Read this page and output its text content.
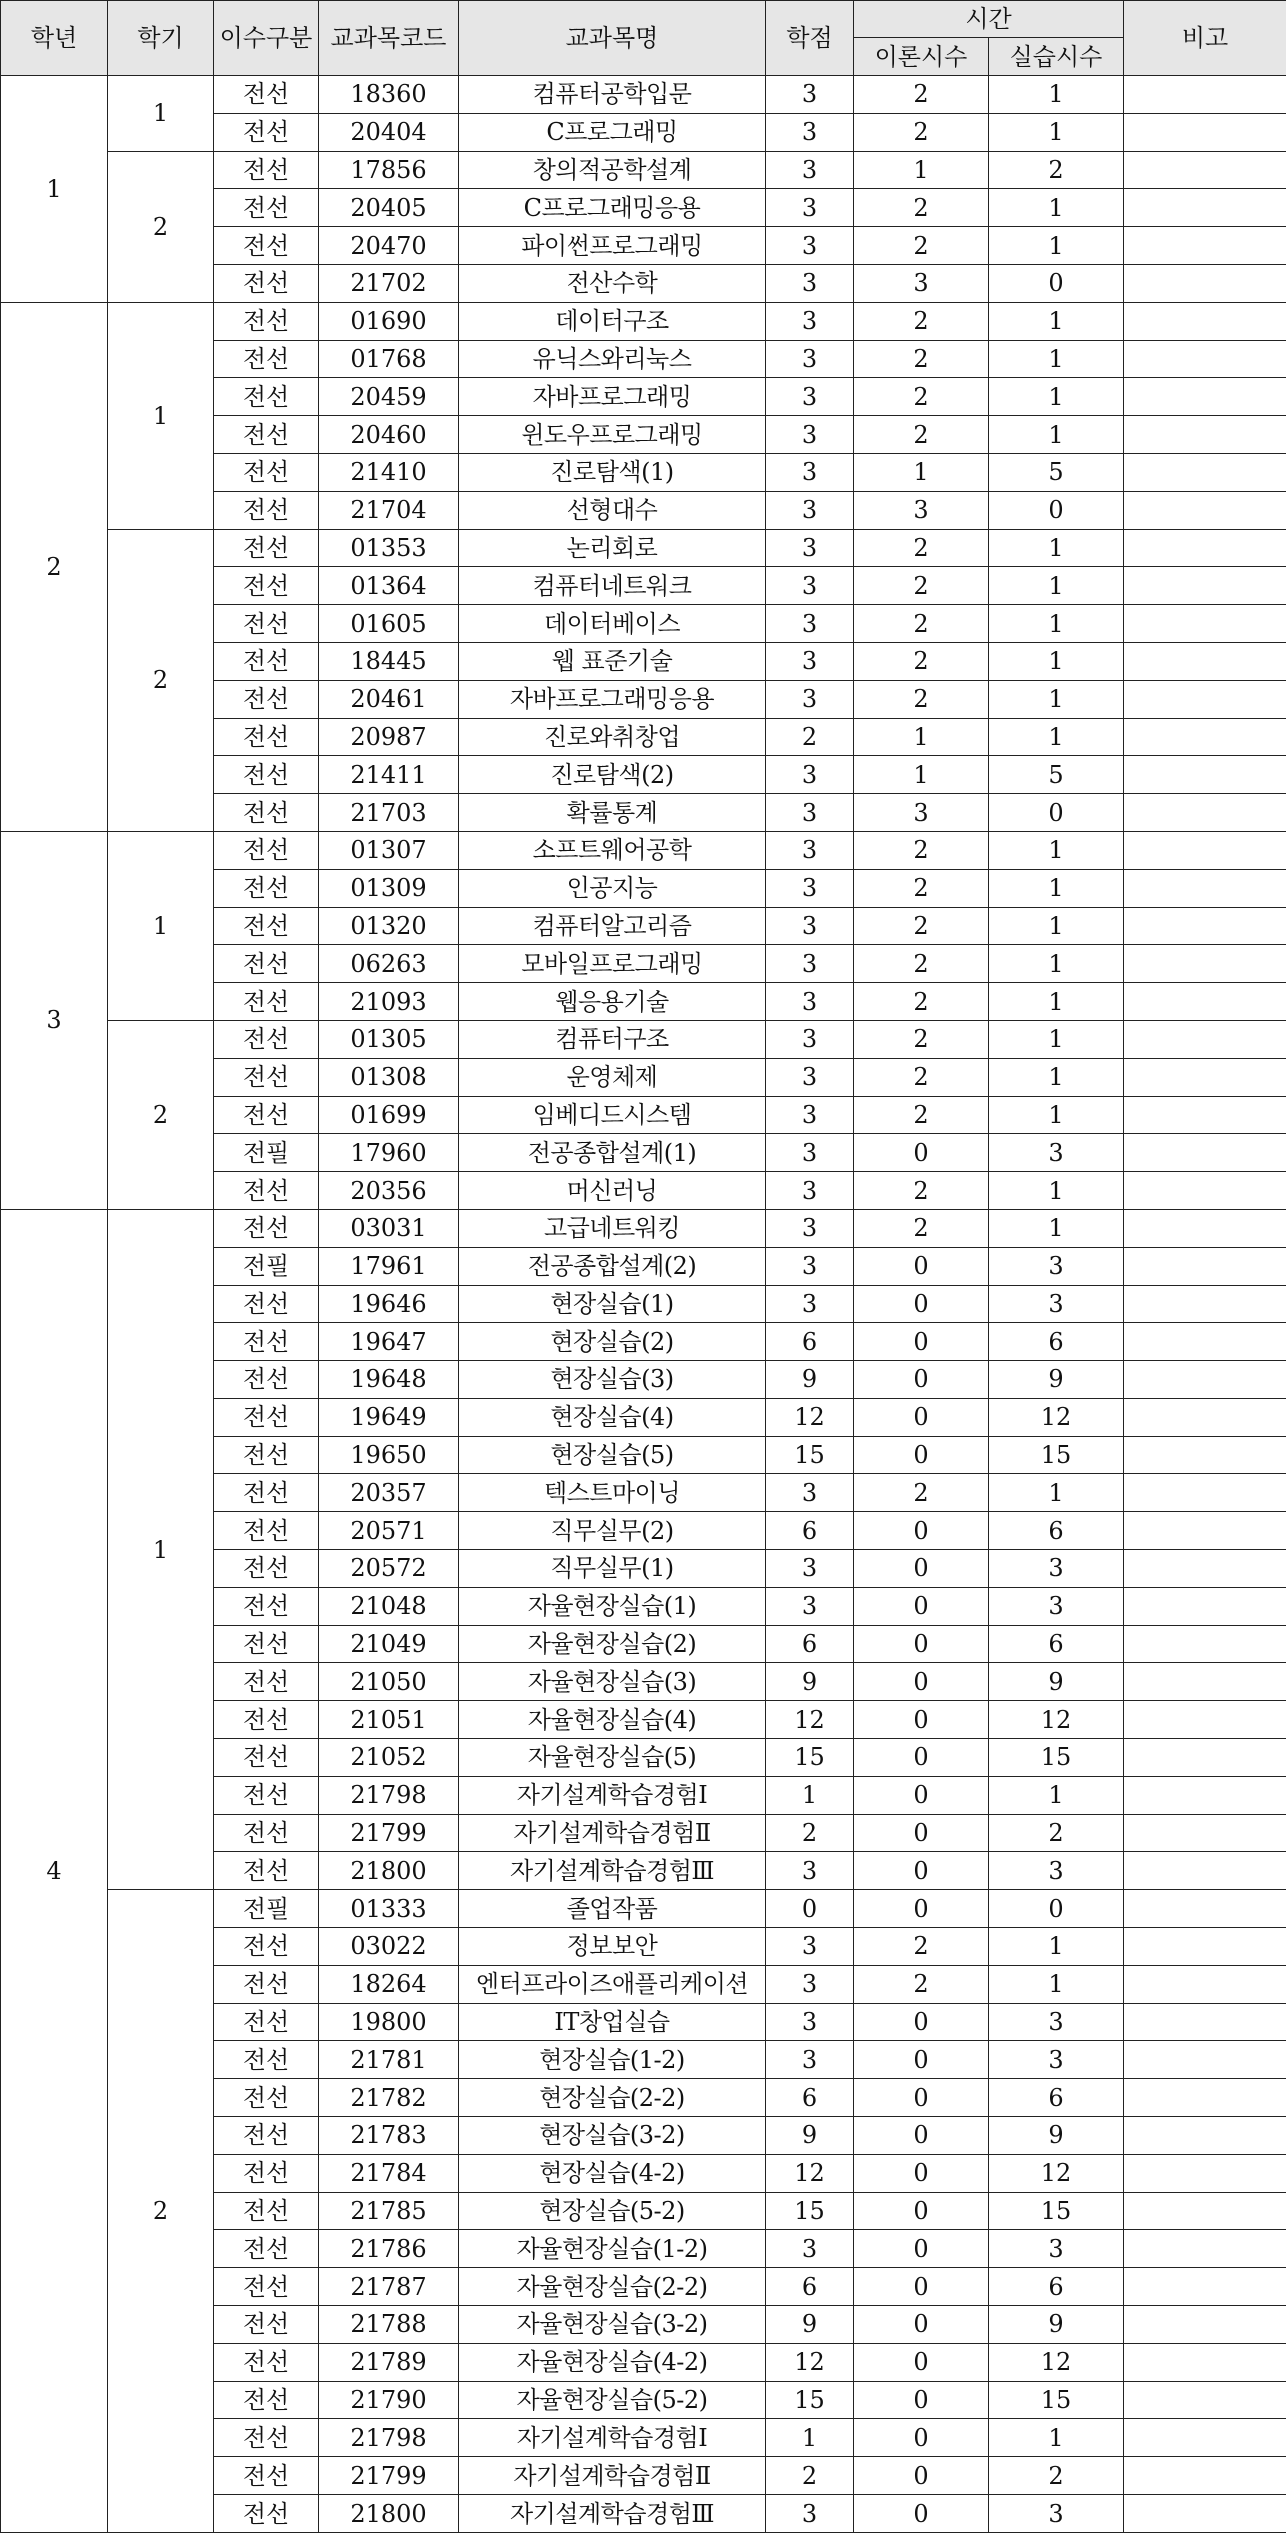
학년	학기	이수구분	교과목코드	교과목명	학점	시간		비고
						이론시수	실습시수	
1	1	전선	18360	컴퓨터공학입문	3	2	1	
		전선	20404	C프로그래밍	3	2	1	
	2	전선	17856	창의적공학설계	3	1	2	
		전선	20405	C프로그래밍응용	3	2	1	
		전선	20470	파이썬프로그래밍	3	2	1	
		전선	21702	전산수학	3	3	0	
2	1	전선	01690	데이터구조	3	2	1	
		전선	01768	유닉스와리눅스	3	2	1	
		전선	20459	자바프로그래밍	3	2	1	
		전선	20460	윈도우프로그래밍	3	2	1	
		전선	21410	진로탐색(1)	3	1	5	
		전선	21704	선형대수	3	3	0	
	2	전선	01353	논리회로	3	2	1	
		전선	01364	컴퓨터네트워크	3	2	1	
		전선	01605	데이터베이스	3	2	1	
		전선	18445	웹 표준기술	3	2	1	
		전선	20461	자바프로그래밍응용	3	2	1	
		전선	20987	진로와취창업	2	1	1	
		전선	21411	진로탐색(2)	3	1	5	
		전선	21703	확률통계	3	3	0	
3	1	전선	01307	소프트웨어공학	3	2	1	
		전선	01309	인공지능	3	2	1	
		전선	01320	컴퓨터알고리즘	3	2	1	
		전선	06263	모바일프로그래밍	3	2	1	
		전선	21093	웹응용기술	3	2	1	
	2	전선	01305	컴퓨터구조	3	2	1	
		전선	01308	운영체제	3	2	1	
		전선	01699	임베디드시스템	3	2	1	
		전필	17960	전공종합설계(1)	3	0	3	
		전선	20356	머신러닝	3	2	1	
4	1	전선	03031	고급네트워킹	3	2	1	
		전필	17961	전공종합설계(2)	3	0	3	
		전선	19646	현장실습(1)	3	0	3	
		전선	19647	현장실습(2)	6	0	6	
		전선	19648	현장실습(3)	9	0	9	
		전선	19649	현장실습(4)	12	0	12	
		전선	19650	현장실습(5)	15	0	15	
		전선	20357	텍스트마이닝	3	2	1	
		전선	20571	직무실무(2)	6	0	6	
		전선	20572	직무실무(1)	3	0	3	
		전선	21048	자율현장실습(1)	3	0	3	
		전선	21049	자율현장실습(2)	6	0	6	
		전선	21050	자율현장실습(3)	9	0	9	
		전선	21051	자율현장실습(4)	12	0	12	
		전선	21052	자율현장실습(5)	15	0	15	
		전선	21798	자기설계학습경험Ⅰ	1	0	1	
		전선	21799	자기설계학습경험Ⅱ	2	0	2	
		전선	21800	자기설계학습경험Ⅲ	3	0	3	
	2	전필	01333	졸업작품	0	0	0	
		전선	03022	정보보안	3	2	1	
		전선	18264	엔터프라이즈애플리케이션	3	2	1	
		전선	19800	IT창업실습	3	0	3	
		전선	21781	현장실습(1-2)	3	0	3	
		전선	21782	현장실습(2-2)	6	0	6	
		전선	21783	현장실습(3-2)	9	0	9	
		전선	21784	현장실습(4-2)	12	0	12	
		전선	21785	현장실습(5-2)	15	0	15	
		전선	21786	자율현장실습(1-2)	3	0	3	
		전선	21787	자율현장실습(2-2)	6	0	6	
		전선	21788	자율현장실습(3-2)	9	0	9	
		전선	21789	자율현장실습(4-2)	12	0	12	
		전선	21790	자율현장실습(5-2)	15	0	15	
		전선	21798	자기설계학습경험Ⅰ	1	0	1	
		전선	21799	자기설계학습경험Ⅱ	2	0	2	
		전선	21800	자기설계학습경험Ⅲ	3	0	3	
